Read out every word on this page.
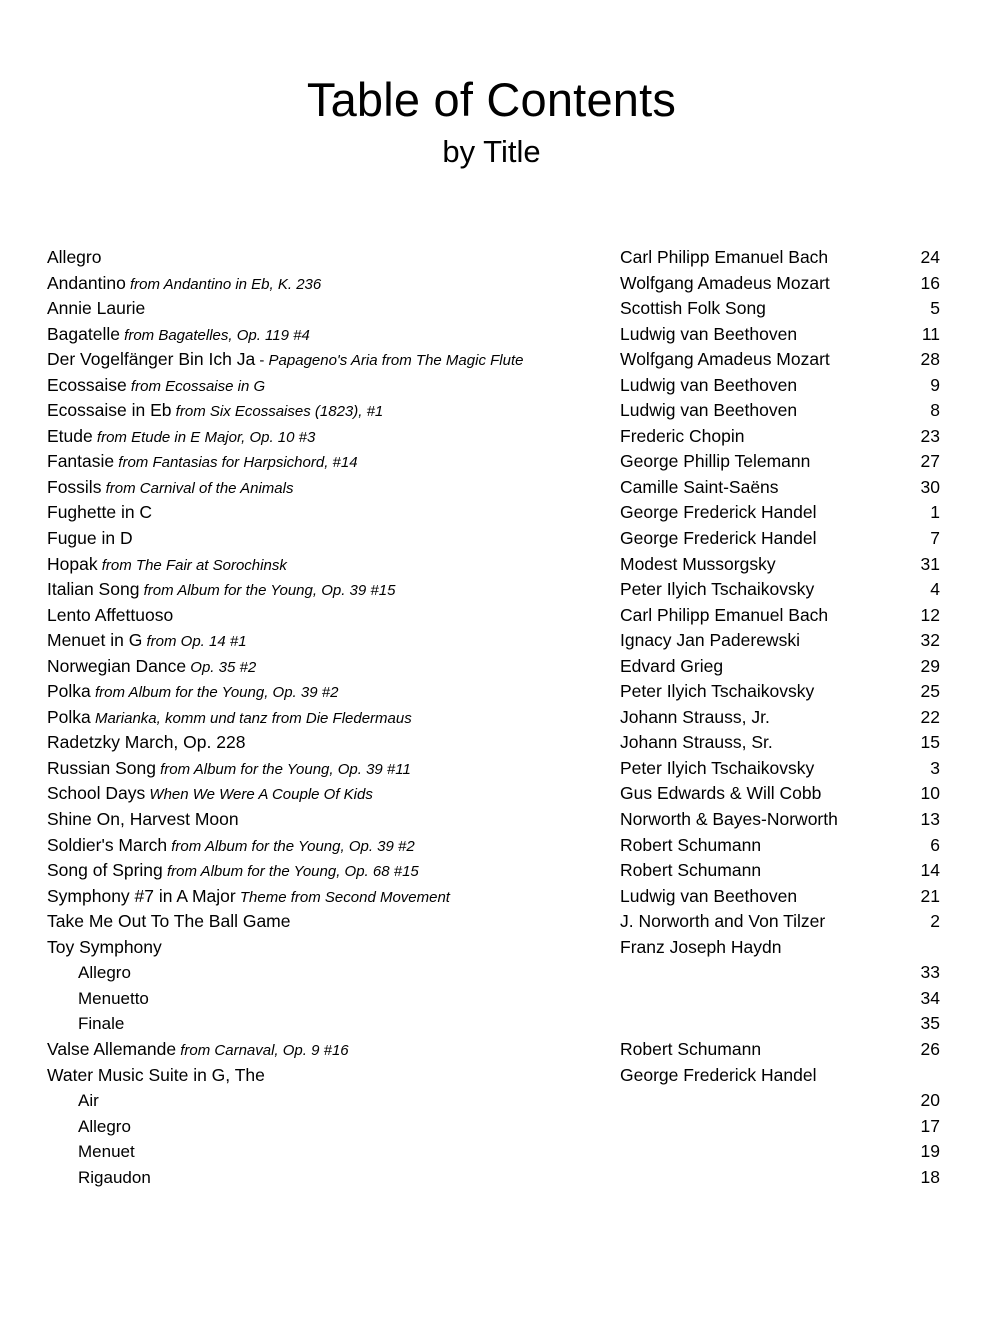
Table of Contents
by Title
Allegro	Carl Philipp Emanuel Bach	24
Andantino from Andantino in Eb, K. 236	Wolfgang Amadeus Mozart	16
Annie Laurie	Scottish Folk Song	5
Bagatelle from Bagatelles, Op. 119 #4	Ludwig van Beethoven	11
Der Vogelfänger Bin Ich Ja - Papageno's Aria from The Magic Flute	Wolfgang Amadeus Mozart	28
Ecossaise from Ecossaise in G	Ludwig van Beethoven	9
Ecossaise in Eb from Six Ecossaises (1823), #1	Ludwig van Beethoven	8
Etude from Etude in E Major, Op. 10 #3	Frederic Chopin	23
Fantasie from Fantasias for Harpsichord, #14	George Phillip Telemann	27
Fossils from Carnival of the Animals	Camille Saint-Saëns	30
Fughette in C	George Frederick Handel	1
Fugue in D	George Frederick Handel	7
Hopak from The Fair at Sorochinsk	Modest Mussorgsky	31
Italian Song from Album for the Young, Op. 39 #15	Peter Ilyich Tschaikovsky	4
Lento Affettuoso	Carl Philipp Emanuel Bach	12
Menuet in G from Op. 14 #1	Ignacy Jan Paderewski	32
Norwegian Dance Op. 35 #2	Edvard Grieg	29
Polka from Album for the Young, Op. 39 #2	Peter Ilyich Tschaikovsky	25
Polka Marianka, komm und tanz from Die Fledermaus	Johann Strauss, Jr.	22
Radetzky March, Op. 228	Johann Strauss, Sr.	15
Russian Song from Album for the Young, Op. 39 #11	Peter Ilyich Tschaikovsky	3
School Days When We Were A Couple Of Kids	Gus Edwards & Will Cobb	10
Shine On, Harvest Moon	Norworth & Bayes-Norworth	13
Soldier's March from Album for the Young, Op. 39 #2	Robert Schumann	6
Song of Spring from Album for the Young, Op. 68 #15	Robert Schumann	14
Symphony #7 in A Major Theme from Second Movement	Ludwig van Beethoven	21
Take Me Out To The Ball Game	J. Norworth and Von Tilzer	2
Toy Symphony	Franz Joseph Haydn
Allegro	33
Menuetto	34
Finale	35
Valse Allemande from Carnaval, Op. 9 #16	Robert Schumann	26
Water Music Suite in G, The	George Frederick Handel
Air	20
Allegro	17
Menuet	19
Rigaudon	18
